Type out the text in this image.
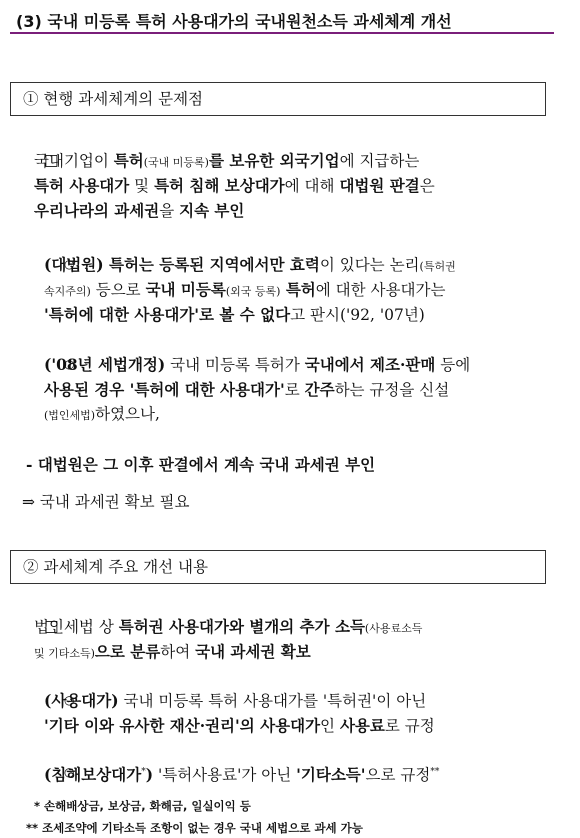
(3) 국내 미등록 특허 사용대가의 국내원천소득 과세체계 개선
① 현행 과세체계의 문제점
□ 국내기업이 특허(국내 미등록)를 보유한 외국기업에 지급하는
특허 사용대가 및 특허 침해 보상대가에 대해 대법원 판결은
우리나라의 과세권을 지속 부인
○ (대법원) 특허는 등록된 지역에서만 효력이 있다는 논리(특허권
속지주의) 등으로 국내 미등록(외국 등록) 특허에 대한 사용대가는
'특허에 대한 사용대가'로 볼 수 없다고 판시('92, '07년)
○ ('08년 세법개정) 국내 미등록 특허가 국내에서 제조·판매 등에
사용된 경우 '특허에 대한 사용대가'로 간주하는 규정을 신설
(법인세법)하였으나,
- 대법원은 그 이후 판결에서 계속 국내 과세권 부인
⇒ 국내 과세권 확보 필요
② 과세체계 주요 개선 내용
□ 법인세법 상 특허권 사용대가와 별개의 추가 소득(사용료소득
및 기타소득)으로 분류하여 국내 과세권 확보
○ (사용대가) 국내 미등록 특허 사용대가를 '특허권'이 아닌
'기타 이와 유사한 재산·권리'의 사용대가인 사용료로 규정
○ (침해보상대가*) '특허사용료'가 아닌 '기타소득'으로 규정**
* 손해배상금, 보상금, 화해금, 일실이익 등
** 조세조약에 기타소득 조항이 없는 경우 국내 세법으로 과세 가능
